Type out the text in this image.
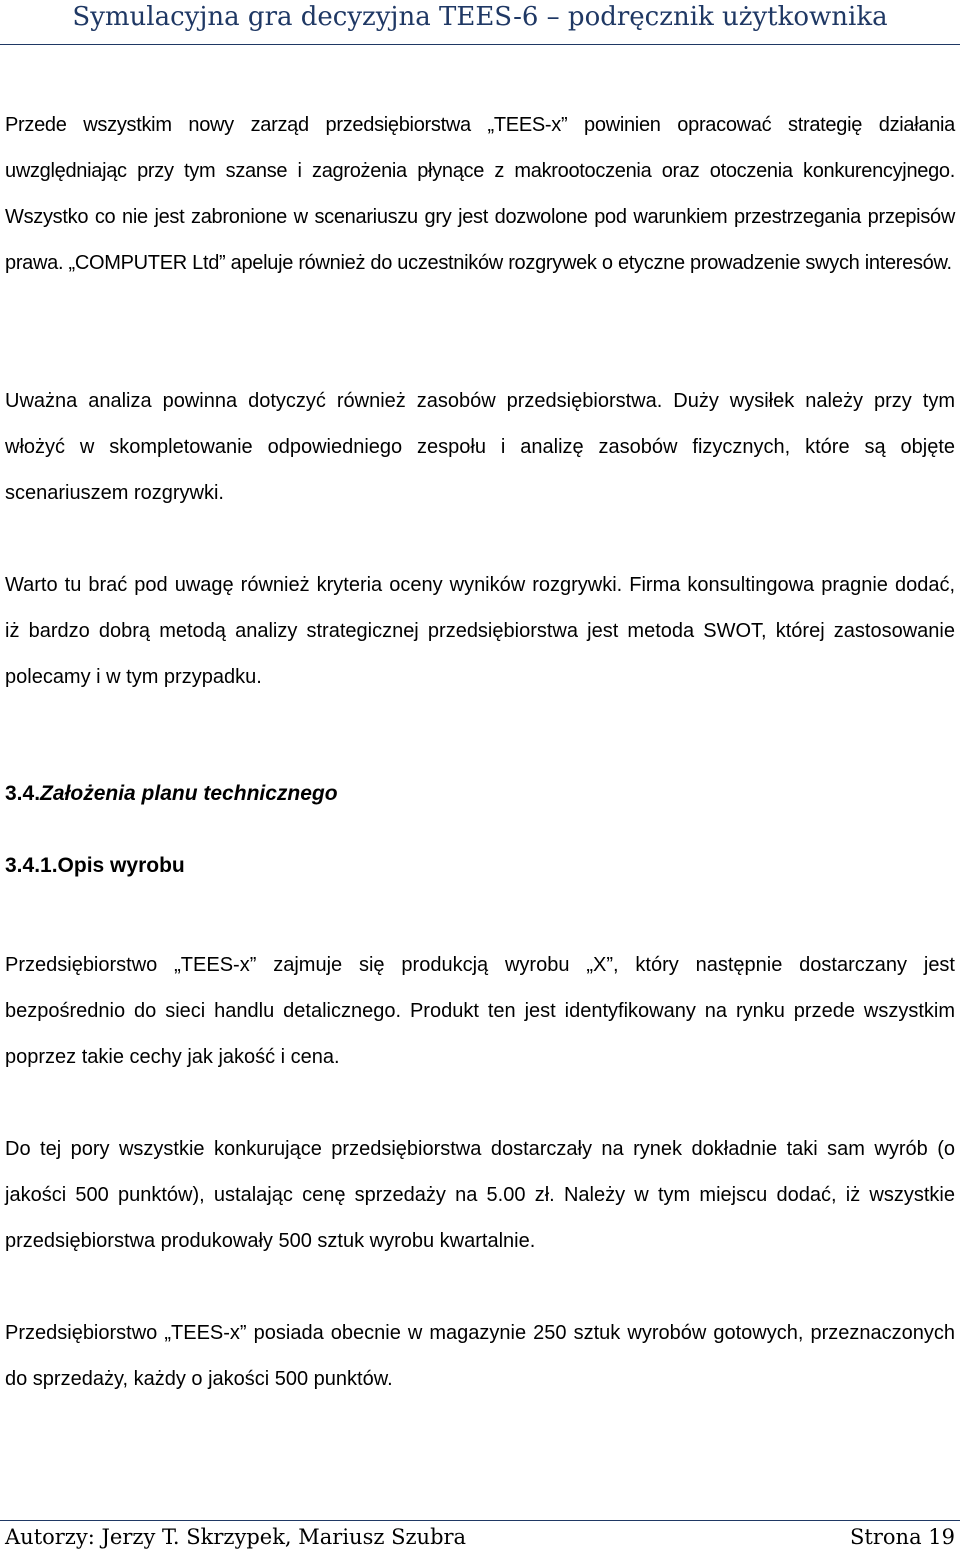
Symulacyjna gra decyzyjna TEES-6 – podręcznik użytkownika
Przede wszystkim nowy zarząd przedsiębiorstwa „TEES-x” powinien opracować strategię działania uwzględniając przy tym szanse i zagrożenia płynące z makrootoczenia oraz otoczenia konkurencyjnego. Wszystko co nie jest zabronione w scenariuszu gry jest dozwolone pod warunkiem przestrzegania przepisów prawa. „COMPUTER Ltd” apeluje również do uczestników rozgrywek o etyczne prowadzenie swych interesów.
Uważna analiza powinna dotyczyć również zasobów przedsiębiorstwa. Duży wysiłek należy przy tym włożyć w skompletowanie odpowiedniego zespołu i analizę zasobów fizycznych, które są objęte scenariuszem rozgrywki.
Warto tu brać pod uwagę również kryteria oceny wyników rozgrywki. Firma konsultingowa pragnie dodać, iż bardzo dobrą metodą analizy strategicznej przedsiębiorstwa jest metoda SWOT, której zastosowanie polecamy i w tym przypadku.
3.4.Założenia planu technicznego
3.4.1.Opis wyrobu
Przedsiębiorstwo „TEES-x” zajmuje się produkcją wyrobu „X”, który następnie dostarczany jest bezpośrednio do sieci handlu detalicznego. Produkt ten jest identyfikowany na rynku przede wszystkim poprzez takie cechy jak jakość i cena.
Do tej pory wszystkie konkurujące przedsiębiorstwa dostarczały na rynek dokładnie taki sam wyrób (o jakości 500 punktów), ustalając cenę sprzedaży na 5.00 zł. Należy w tym miejscu dodać, iż wszystkie przedsiębiorstwa produkowały 500 sztuk wyrobu kwartalnie.
Przedsiębiorstwo „TEES-x” posiada obecnie w magazynie 250 sztuk wyrobów gotowych, przeznaczonych do sprzedaży, każdy o jakości 500 punktów.
Autorzy: Jerzy T. Skrzypek, Mariusz Szubra	Strona 19
